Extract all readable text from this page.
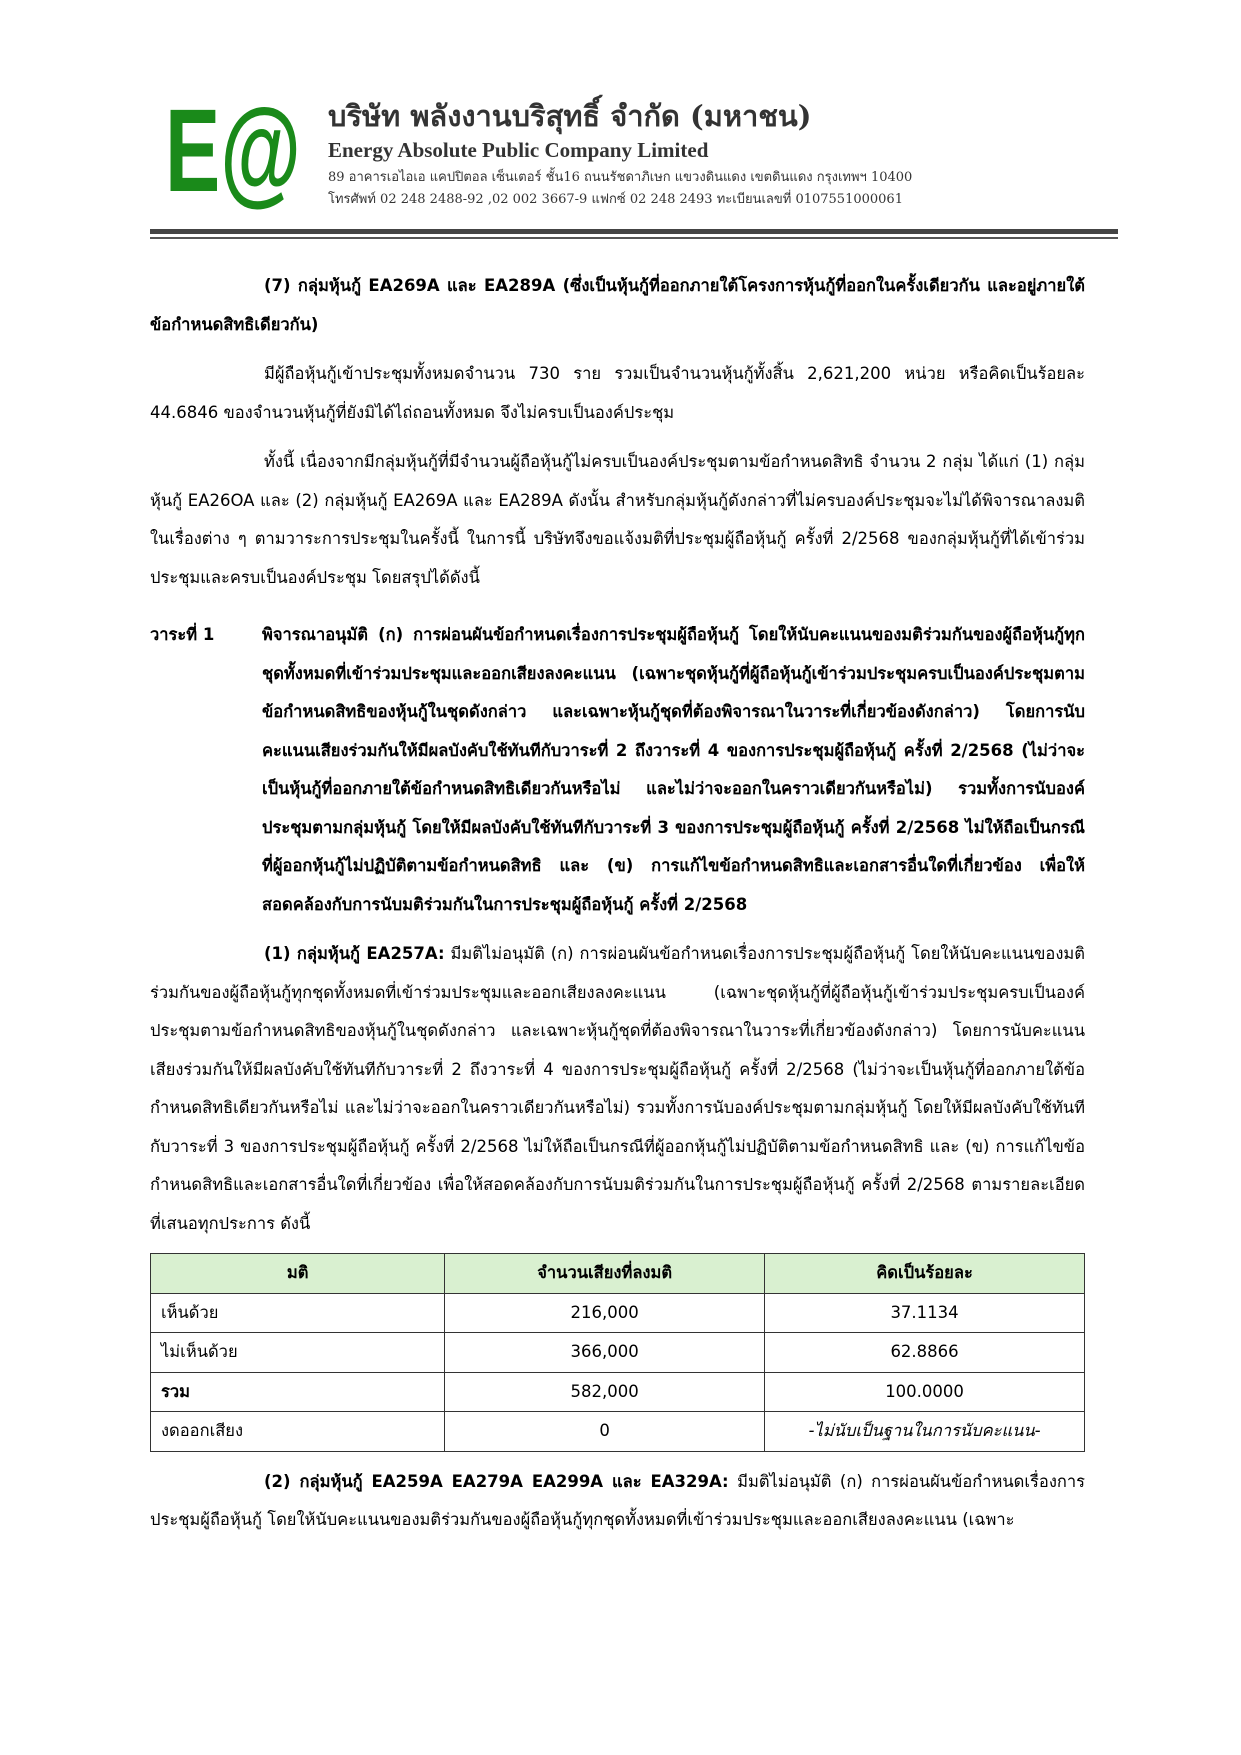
E@ บริษัท พลังงานบริสุทธิ์ จำกัด (มหาชน)
Energy Absolute Public Company Limited
89 อาคารเอไอเอ แคปปิตอล เซ็นเตอร์ ชั้น16 ถนนรัชดาภิเษก แขวงดินแดง เขตดินแดง กรุงเทพฯ 10400
โทรศัพท์ 02 248 2488-92 ,02 002 3667-9 แฟกซ์ 02 248 2493 ทะเบียนเลขที่ 0107551000061

(7) กลุ่มหุ้นกู้ EA269A และ EA289A (ซึ่งเป็นหุ้นกู้ที่ออกภายใต้โครงการหุ้นกู้ที่ออกในครั้งเดียวกัน และอยู่ภายใต้ข้อกำหนดสิทธิเดียวกัน)

มีผู้ถือหุ้นกู้เข้าประชุมทั้งหมดจำนวน 730 ราย รวมเป็นจำนวนหุ้นกู้ทั้งสิ้น 2,621,200 หน่วย หรือคิดเป็นร้อยละ 44.6846 ของจำนวนหุ้นกู้ที่ยังมิได้ไถ่ถอนทั้งหมด จึงไม่ครบเป็นองค์ประชุม

ทั้งนี้ เนื่องจากมีกลุ่มหุ้นกู้ที่มีจำนวนผู้ถือหุ้นกู้ไม่ครบเป็นองค์ประชุมตามข้อกำหนดสิทธิ จำนวน 2 กลุ่ม ได้แก่ (1) กลุ่มหุ้นกู้ EA26OA และ (2) กลุ่มหุ้นกู้ EA269A และ EA289A ดังนั้น สำหรับกลุ่มหุ้นกู้ดังกล่าวที่ไม่ครบองค์ประชุมจะไม่ได้พิจารณาลงมติในเรื่องต่าง ๆ ตามวาระการประชุมในครั้งนี้ ในการนี้ บริษัทจึงขอแจ้งมติที่ประชุมผู้ถือหุ้นกู้ ครั้งที่ 2/2568 ของกลุ่มหุ้นกู้ที่ได้เข้าร่วมประชุมและครบเป็นองค์ประชุม โดยสรุปได้ดังนี้

วาระที่ 1	พิจารณาอนุมัติ (ก) การผ่อนผันข้อกำหนดเรื่องการประชุมผู้ถือหุ้นกู้ โดยให้นับคะแนนของมติร่วมกันของผู้ถือหุ้นกู้ทุกชุดทั้งหมดที่เข้าร่วมประชุมและออกเสียงลงคะแนน (เฉพาะชุดหุ้นกู้ที่ผู้ถือหุ้นกู้เข้าร่วมประชุมครบเป็นองค์ประชุมตามข้อกำหนดสิทธิของหุ้นกู้ในชุดดังกล่าว และเฉพาะหุ้นกู้ชุดที่ต้องพิจารณาในวาระที่เกี่ยวข้องดังกล่าว) โดยการนับคะแนนเสียงร่วมกันให้มีผลบังคับใช้ทันทีกับวาระที่ 2 ถึงวาระที่ 4 ของการประชุมผู้ถือหุ้นกู้ ครั้งที่ 2/2568 (ไม่ว่าจะเป็นหุ้นกู้ที่ออกภายใต้ข้อกำหนดสิทธิเดียวกันหรือไม่ และไม่ว่าจะออกในคราวเดียวกันหรือไม่) รวมทั้งการนับองค์ประชุมตามกลุ่มหุ้นกู้ โดยให้มีผลบังคับใช้ทันทีกับวาระที่ 3 ของการประชุมผู้ถือหุ้นกู้ ครั้งที่ 2/2568 ไม่ให้ถือเป็นกรณีที่ผู้ออกหุ้นกู้ไม่ปฏิบัติตามข้อกำหนดสิทธิ และ (ข) การแก้ไขข้อกำหนดสิทธิและเอกสารอื่นใดที่เกี่ยวข้อง เพื่อให้สอดคล้องกับการนับมติร่วมกันในการประชุมผู้ถือหุ้นกู้ ครั้งที่ 2/2568

(1) กลุ่มหุ้นกู้ EA257A: มีมติไม่อนุมัติ (ก) การผ่อนผันข้อกำหนดเรื่องการประชุมผู้ถือหุ้นกู้ โดยให้นับคะแนนของมติร่วมกันของผู้ถือหุ้นกู้ทุกชุดทั้งหมดที่เข้าร่วมประชุมและออกเสียงลงคะแนน (เฉพาะชุดหุ้นกู้ที่ผู้ถือหุ้นกู้เข้าร่วมประชุมครบเป็นองค์ประชุมตามข้อกำหนดสิทธิของหุ้นกู้ในชุดดังกล่าว และเฉพาะหุ้นกู้ชุดที่ต้องพิจารณาในวาระที่เกี่ยวข้องดังกล่าว) โดยการนับคะแนนเสียงร่วมกันให้มีผลบังคับใช้ทันทีกับวาระที่ 2 ถึงวาระที่ 4 ของการประชุมผู้ถือหุ้นกู้ ครั้งที่ 2/2568 (ไม่ว่าจะเป็นหุ้นกู้ที่ออกภายใต้ข้อกำหนดสิทธิเดียวกันหรือไม่ และไม่ว่าจะออกในคราวเดียวกันหรือไม่) รวมทั้งการนับองค์ประชุมตามกลุ่มหุ้นกู้ โดยให้มีผลบังคับใช้ทันทีกับวาระที่ 3 ของการประชุมผู้ถือหุ้นกู้ ครั้งที่ 2/2568 ไม่ให้ถือเป็นกรณีที่ผู้ออกหุ้นกู้ไม่ปฏิบัติตามข้อกำหนดสิทธิ และ (ข) การแก้ไขข้อกำหนดสิทธิและเอกสารอื่นใดที่เกี่ยวข้อง เพื่อให้สอดคล้องกับการนับมติร่วมกันในการประชุมผู้ถือหุ้นกู้ ครั้งที่ 2/2568 ตามรายละเอียดที่เสนอทุกประการ ดังนี้

มติ	จำนวนเสียงที่ลงมติ	คิดเป็นร้อยละ
เห็นด้วย	216,000	37.1134
ไม่เห็นด้วย	366,000	62.8866
รวม	582,000	100.0000
งดออกเสียง	0	-ไม่นับเป็นฐานในการนับคะแนน-

(2) กลุ่มหุ้นกู้ EA259A EA279A EA299A และ EA329A: มีมติไม่อนุมัติ (ก) การผ่อนผันข้อกำหนดเรื่องการประชุมผู้ถือหุ้นกู้ โดยให้นับคะแนนของมติร่วมกันของผู้ถือหุ้นกู้ทุกชุดทั้งหมดที่เข้าร่วมประชุมและออกเสียงลงคะแนน (เฉพาะ
